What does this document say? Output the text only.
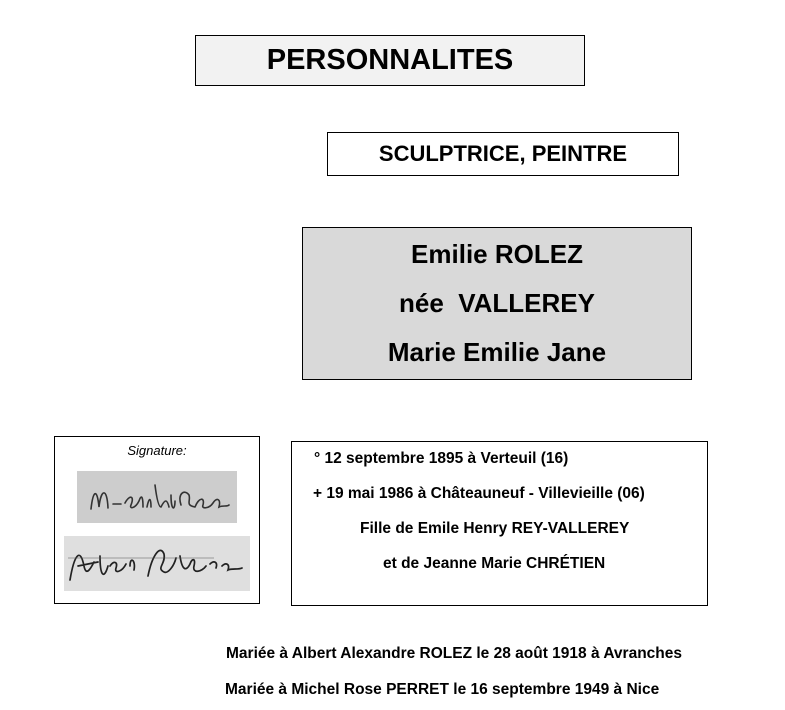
PERSONNALITES
SCULPTRICE, PEINTRE
Emilie ROLEZ
née  VALLEREY
Marie Emilie Jane
Signature:	° 12 septembre 1895 à Verteuil (16)
+ 19 mai 1986 à Châteauneuf - Villevieille (06)
Fille de Emile Henry REY-VALLEREY
et de Jeanne Marie CHRÉTIEN
Mariée à Albert Alexandre ROLEZ le 28 août 1918 à Avranches
Mariée à Michel Rose PERRET le 16 septembre 1949 à Nice
